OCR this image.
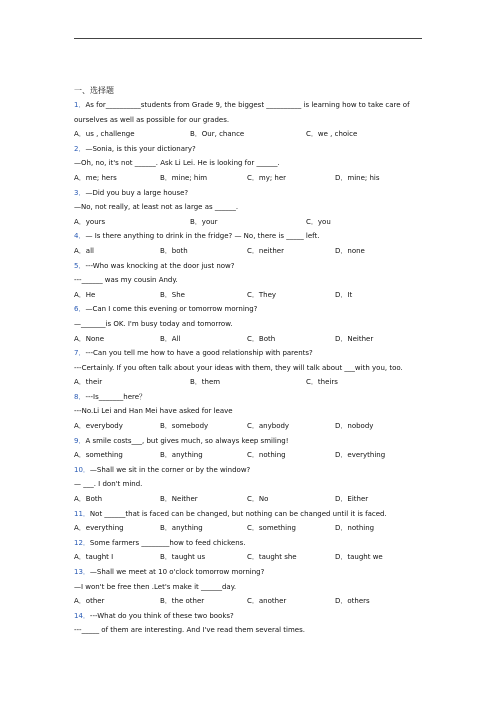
一、选择题
1．As for__________students from Grade 9, the biggest __________ is learning how to take care of ourselves as well as possible for our grades.
A．us , challenge	B．Our, chance	C．we , choice
2．—Sonia, is this your dictionary?
—Oh, no, it's not ______. Ask Li Lei. He is looking for ______.
A．me; hers	B．mine; him	C．my; her	D．mine; his
3．—Did you buy a large house?
—No, not really, at least not as large as ______.
A．yours	B．your	C．you
4．— Is there anything to drink in the fridge? — No, there is _____ left.
A．all	B．both	C．neither	D．none
5．---Who was knocking at the door just now?
---______ was my cousin Andy.
A．He	B．She	C．They	D．It
6．—Can I come this evening or tomorrow morning?
—_______is OK. I'm busy today and tomorrow.
A．None	B．All	C．Both	D．Neither
7．---Can you tell me how to have a good relationship with parents?
---Certainly. If you often talk about your ideas with them, they will talk about ___with you, too.
A．their	B．them	C．theirs
8．---Is_______here？
---No.Li Lei and Han Mei have asked for leave
A．everybody	B．somebody	C．anybody	D．nobody
9．A smile costs___, but gives much, so always keep smiling!
A．something	B．anything	C．nothing	D．everything
10．—Shall we sit in the corner or by the window?
— ___. I don't mind.
A．Both	B．Neither	C．No	D．Either
11．Not ______that is faced can be changed, but nothing can be changed until it is faced.
A．everything	B．anything	C．something	D．nothing
12．Some farmers ________how to feed chickens.
A．taught I	B．taught us	C．taught she	D．taught we
13．—Shall we meet at 10 o'clock tomorrow morning?
—I won't be free then .Let's make it ______day.
A．other	B．the other	C．another	D．others
14．---What do you think of these two books?
---_____ of them are interesting. And I've read them several times.
